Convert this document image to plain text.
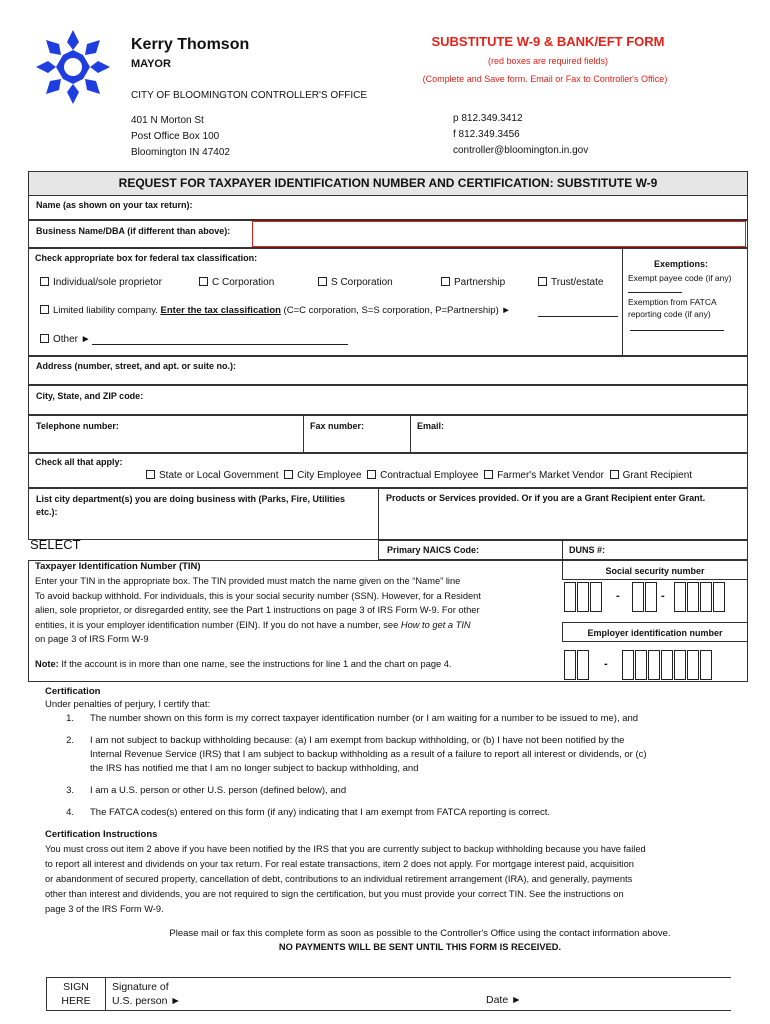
Kerry Thomson
MAYOR
CITY OF BLOOMINGTON CONTROLLER'S OFFICE
401 N Morton St
Post Office Box 100
Bloomington IN 47402
p 812.349.3412
f 812.349.3456
controller@bloomington.in.gov
SUBSTITUTE W-9 & BANK/EFT FORM
(red boxes are required fields)
(Complete and Save form. Email or Fax to Controller's Office)
REQUEST FOR TAXPAYER IDENTIFICATION NUMBER AND CERTIFICATION: SUBSTITUTE W-9
Name (as shown on your tax return):
Business Name/DBA (if different than above):
Check appropriate box for federal tax classification:
Exemptions:
Exempt payee code (if any)
Exemption from FATCA reporting code (if any)
Individual/sole proprietor	C Corporation	S Corporation	Partnership	Trust/estate
Limited liability company. Enter the tax classification (C=C corporation, S=S corporation, P=Partnership) ►
Other ►
Address (number, street, and apt. or suite no.):
City, State, and ZIP code:
Telephone number:	Fax number:	Email:
Check all that apply:
State or Local Government City Employee Contractual Employee Farmer's Market Vendor Grant Recipient
List city department(s) you are doing business with (Parks, Fire, Utilities etc.):
Products or Services provided. Or if you are a Grant Recipient enter Grant.
SELECT	Primary NAICS Code:	DUNS #:
Taxpayer Identification Number (TIN)
Enter your TIN in the appropriate box. The TIN provided must match the name given on the “Name” line
To avoid backup withhold. For individuals, this is your social security number (SSN). However, for a Resident
alien, sole proprietor, or disregarded entity, see the Part 1 instructions on page 3 of IRS Form W-9. For other
entities, it is your employer identification number (EIN). If you do not have a number, see How to get a TIN
on page 3 of IRS Form W-9
Note: If the account is in more than one name, see the instructions for line 1 and the chart on page 4.
Social security number
-	-
Employer identification number
-
Certification
Under penalties of perjury, I certify that:
1. The number shown on this form is my correct taxpayer identification number (or I am waiting for a number to be issued to me), and
2. I am not subject to backup withholding because: (a) I am exempt from backup withholding, or (b) I have not been notified by the
Internal Revenue Service (IRS) that I am subject to backup withholding as a result of a failure to report all interest or dividends, or (c)
the IRS has notified me that I am no longer subject to backup withholding, and
3. I am a U.S. person or other U.S. person (defined below), and
4. The FATCA codes(s) entered on this form (if any) indicating that I am exempt from FATCA reporting is correct.
Certification Instructions
You must cross out item 2 above if you have been notified by the IRS that you are currently subject to backup withholding because you have failed
to report all interest and dividends on your tax return. For real estate transactions, item 2 does not apply. For mortgage interest paid, acquisition
or abandonment of secured property, cancellation of debt, contributions to an individual retirement arrangement (IRA), and generally, payments
other than interest and dividends, you are not required to sign the certification, but you must provide your correct TIN. See the instructions on
page 3 of the IRS Form W-9.
Please mail or fax this complete form as soon as possible to the Controller's Office using the contact information above.
NO PAYMENTS WILL BE SENT UNTIL THIS FORM IS RECEIVED.
SIGN
HERE
Signature of
U.S. person ►	Date ►
